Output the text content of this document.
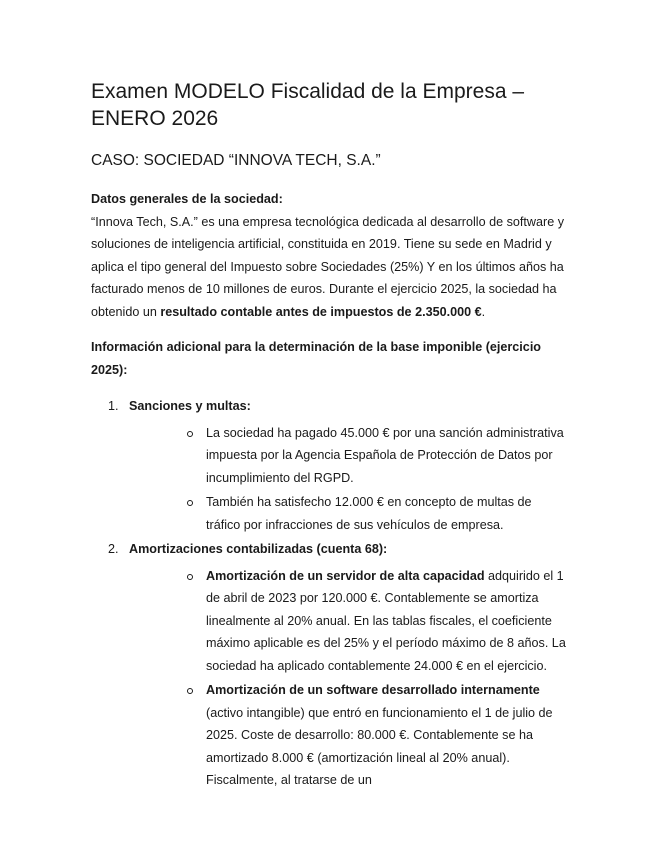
Examen MODELO Fiscalidad de la Empresa – ENERO 2026
CASO: SOCIEDAD “INNOVA TECH, S.A.”

Datos generales de la sociedad:

“Innova Tech, S.A.” es una empresa tecnológica dedicada al desarrollo de software y soluciones de inteligencia artificial, constituida en 2019. Tiene su sede en Madrid y aplica el tipo general del Impuesto sobre Sociedades (25%) Y en los últimos años ha facturado menos de 10 millones de euros. Durante el ejercicio 2025, la sociedad ha obtenido un resultado contable antes de impuestos de 2.350.000 €.

Información adicional para la determinación de la base imponible (ejercicio 2025):

1. Sanciones y multas:
La sociedad ha pagado 45.000 € por una sanción administrativa impuesta por la Agencia Española de Protección de Datos por incumplimiento del RGPD.
También ha satisfecho 12.000 € en concepto de multas de tráfico por infracciones de sus vehículos de empresa.
2. Amortizaciones contabilizadas (cuenta 68):
Amortización de un servidor de alta capacidad adquirido el 1 de abril de 2023 por 120.000 €. Contablemente se amortiza linealmente al 20% anual. En las tablas fiscales, el coeficiente máximo aplicable es del 25% y el período máximo de 8 años. La sociedad ha aplicado contablemente 24.000 € en el ejercicio.
Amortización de un software desarrollado internamente (activo intangible) que entró en funcionamiento el 1 de julio de 2025. Coste de desarrollo: 80.000 €. Contablemente se ha amortizado 8.000 € (amortización lineal al 20% anual). Fiscalmente, al tratarse de un
